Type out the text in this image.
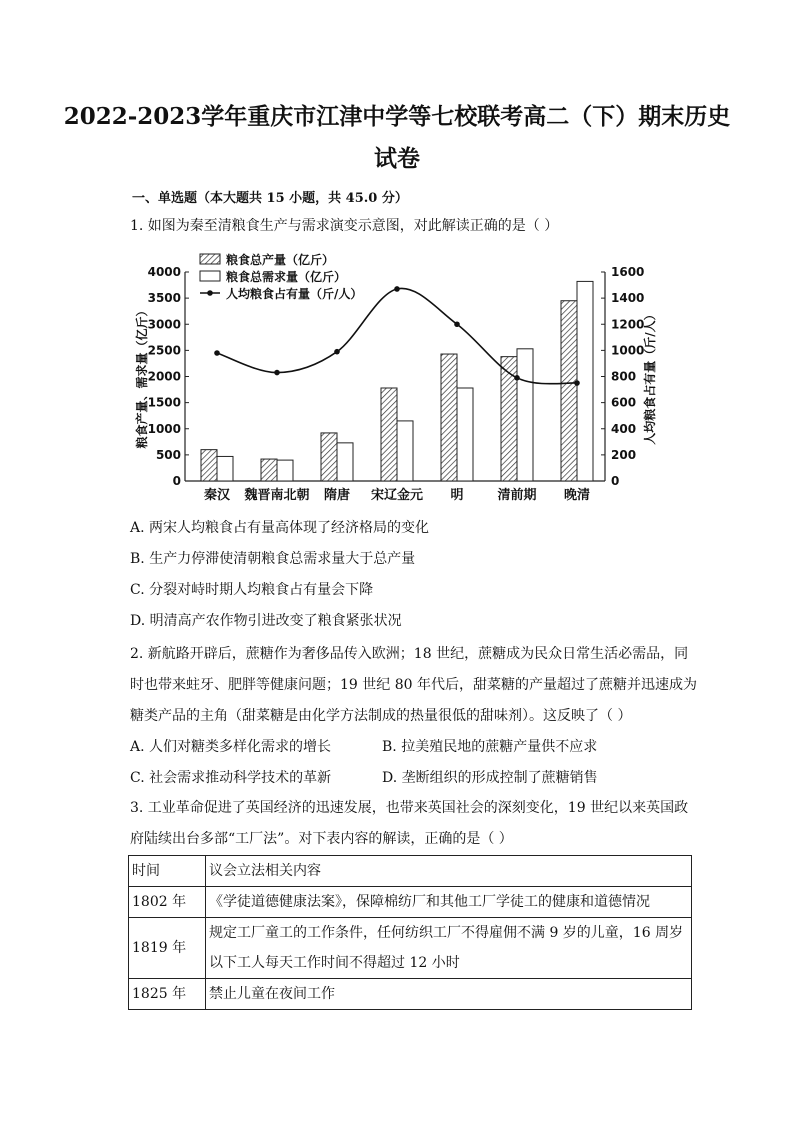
2022-2023学年重庆市江津中学等七校联考高二（下）期末历史
试卷
一、单选题（本大题共 15 小题，共 45.0 分）
1. 如图为秦至清粮食生产与需求演变示意图，对此解读正确的是（ ）
粮食总产量（亿斤）
粮食总需求量（亿斤）
人均粮食占有量（斤/人）
0
500
1000
1500
2000
2500
3000
3500
4000
0
200
400
600
800
1000
1200
1400
1600
秦汉 魏晋南北朝 隋唐 宋辽金元 明	清前期 晚清
粮食产量、需求量（亿斤）	人均粮食占有量（斤/人）
A. 两宋人均粮食占有量高体现了经济格局的变化
B. 生产力停滞使清朝粮食总需求量大于总产量
C. 分裂对峙时期人均粮食占有量会下降
D. 明清高产农作物引进改变了粮食紧张状况
2. 新航路开辟后，蔗糖作为奢侈品传入欧洲；18 世纪，蔗糖成为民众日常生活必需品，同
时也带来蛀牙、肥胖等健康问题；19 世纪 80 年代后，甜菜糖的产量超过了蔗糖并迅速成为
糖类产品的主角（甜菜糖是由化学方法制成的热量很低的甜味剂）。这反映了（ ）
A. 人们对糖类多样化需求的增长	B. 拉美殖民地的蔗糖产量供不应求
C. 社会需求推动科学技术的革新	D. 垄断组织的形成控制了蔗糖销售
3. 工业革命促进了英国经济的迅速发展，也带来英国社会的深刻变化，19 世纪以来英国政
府陆续出台多部“工厂法”。对下表内容的解读，正确的是（ ）
时间	议会立法相关内容
1802 年	《学徒道德健康法案》，保障棉纺厂和其他工厂学徒工的健康和道德情况
1819 年	规定工厂童工的工作条件，任何纺织工厂不得雇佣不满 9 岁的儿童，16 周岁以下工人每天工作时间不得超过 12 小时
1825 年	禁止儿童在夜间工作
